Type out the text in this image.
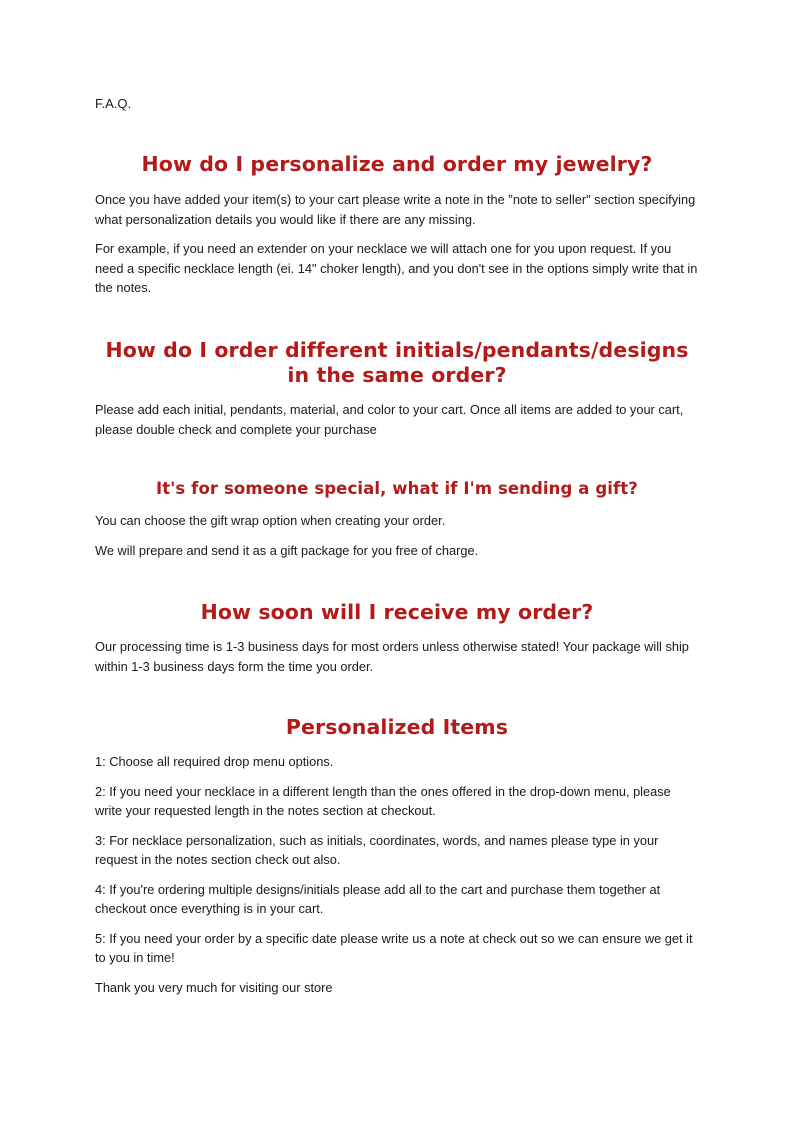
F.A.Q.

How do I personalize and order my jewelry?

Once you have added your item(s) to your cart please write a note in the "note to seller" section specifying what personalization details you would like if there are any missing.

For example, if you need an extender on your necklace we will attach one for you upon request. If you need a specific necklace length (ei. 14" choker length), and you don't see in the options simply write that in the notes.

How do I order different initials/pendants/designs in the same order?

Please add each initial, pendants, material, and color to your cart. Once all items are added to your cart, please double check and complete your purchase

It's for someone special, what if I'm sending a gift?

You can choose the gift wrap option when creating your order.

We will prepare and send it as a gift package for you free of charge.

How soon will I receive my order?

Our processing time is 1-3 business days for most orders unless otherwise stated! Your package will ship within 1-3 business days form the time you order.

Personalized Items

1: Choose all required drop menu options.

2: If you need your necklace in a different length than the ones offered in the drop-down menu, please write your requested length in the notes section at checkout.

3: For necklace personalization, such as initials, coordinates, words, and names please type in your request in the notes section check out also.

4: If you're ordering multiple designs/initials please add all to the cart and purchase them together at checkout once everything is in your cart.

5: If you need your order by a specific date please write us a note at check out so we can ensure we get it to you in time!

Thank you very much for visiting our store
